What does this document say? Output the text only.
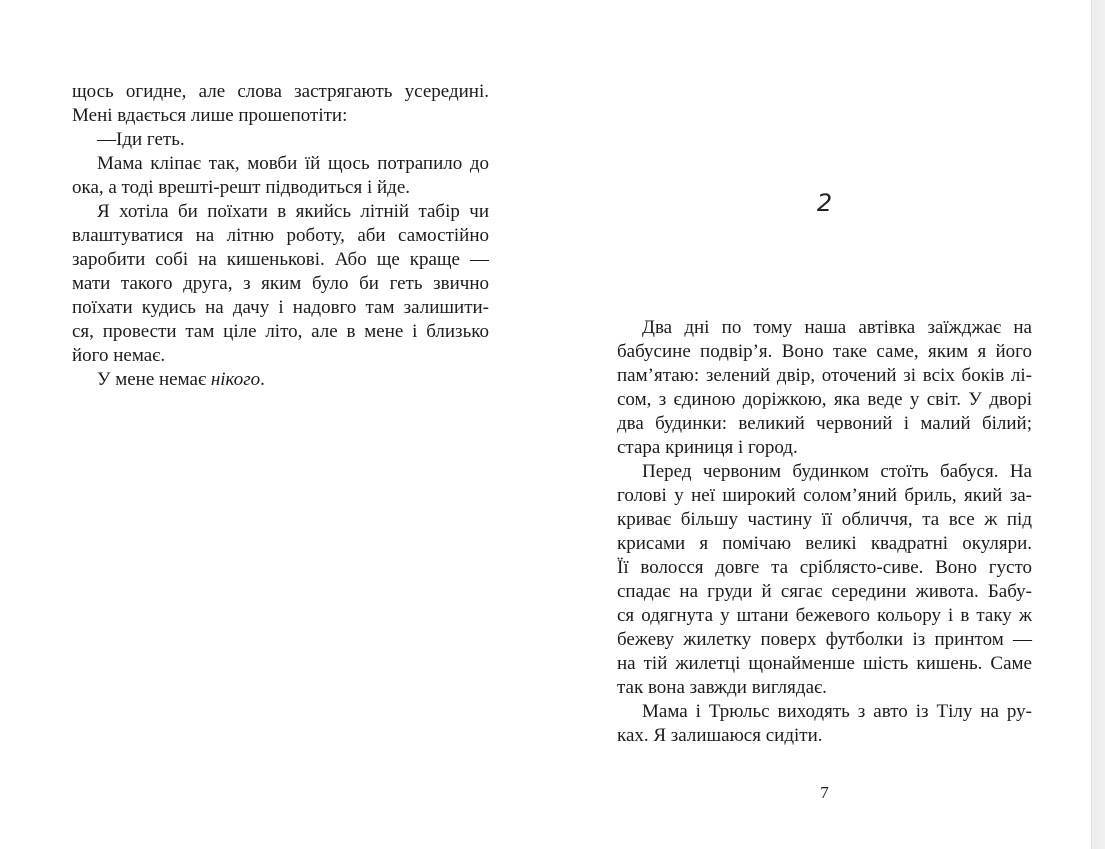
щось огидне, але слова застрягають усередині.
Мені вдається лише прошепотіти:
—Іди геть.
Мама кліпає так, мовби їй щось потрапило до
ока, а тоді врешті-решт підводиться і йде.
Я хотіла би поїхати в якийсь літній табір чи
влаштуватися на літню роботу, аби самостійно
заробити собі на кишенькові. Або ще краще —
мати такого друга, з яким було би геть звично
поїхати кудись на дачу і надовго там залишити-
ся, провести там ціле літо, але в мене і близько
його немає.
У мене немає нікого.
2
Два дні по тому наша автівка заїжджає на
бабусине подвір’я. Воно таке саме, яким я його
пам’ятаю: зелений двір, оточений зі всіх боків лі-
сом, з єдиною доріжкою, яка веде у світ. У дворі
два будинки: великий червоний і малий білий;
стара криниця і город.
Перед червоним будинком стоїть бабуся. На
голові у неї широкий солом’яний бриль, який за-
криває більшу частину її обличчя, та все ж під
крисами я помічаю великі квадратні окуляри.
Її волосся довге та сріблясто-сиве. Воно густо
спадає на груди й сягає середини живота. Бабу-
ся одягнута у штани бежевого кольору і в таку ж
бежеву жилетку поверх футболки із принтом —
на тій жилетці щонайменше шість кишень. Саме
так вона завжди виглядає.
Мама і Трюльс виходять з авто із Тілу на ру-
ках. Я залишаюся сидіти.
7
